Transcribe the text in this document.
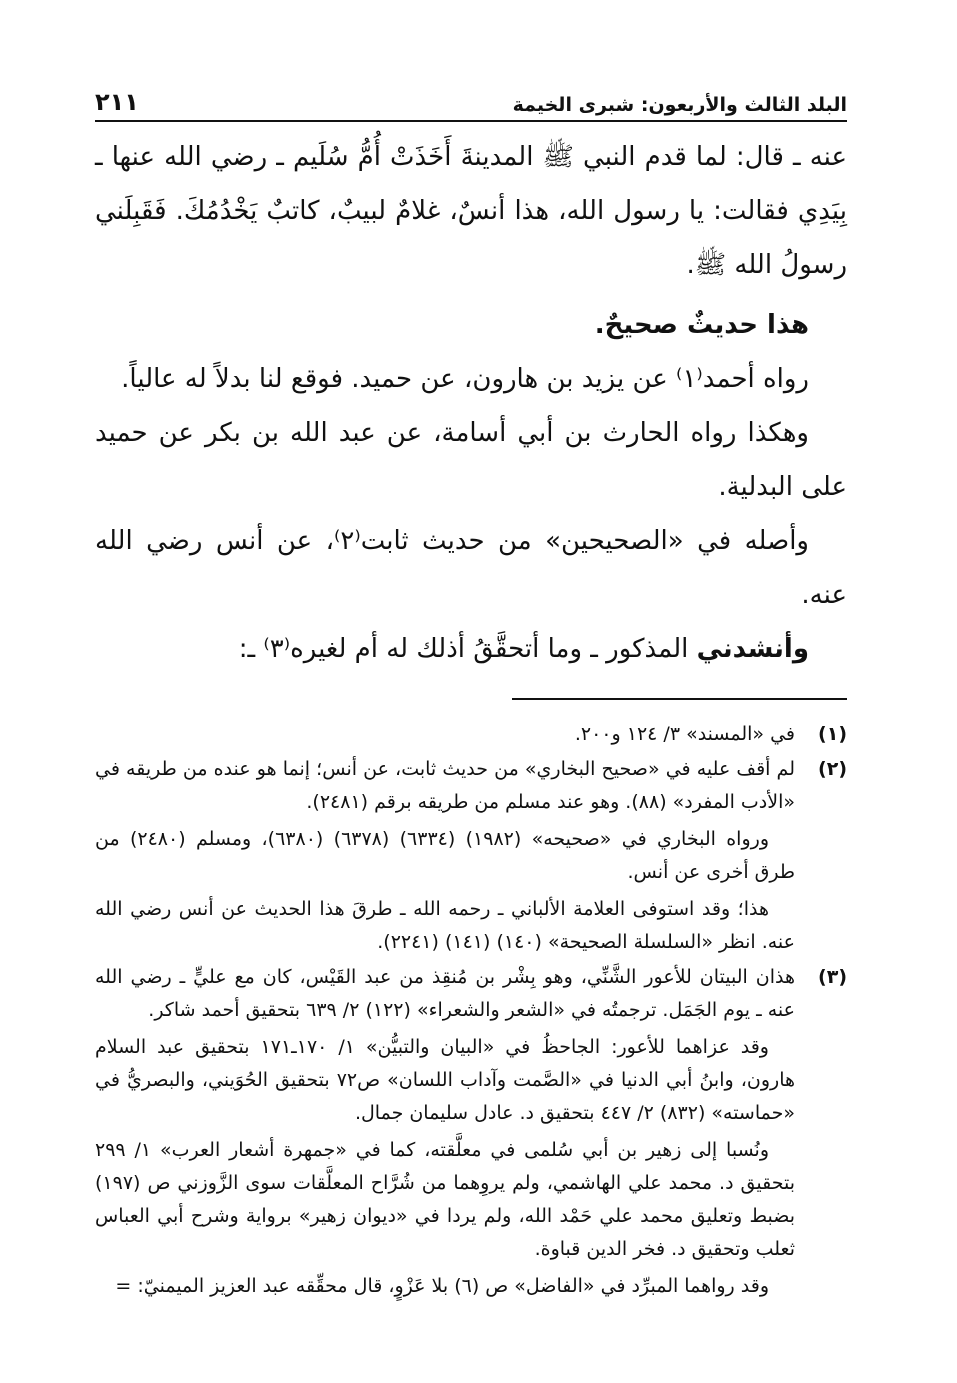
البلد الثالث والأربعون: شبرى الخيمة
٢١١

عنه ـ قال: لما قدم النبي ﷺ المدينةَ أَخَذَتْ أُمُّ سُلَيم ـ رضي الله عنها ـ بِيَدِي فقالت: يا رسول الله، هذا أنسٌ، غلامٌ لبيبٌ، كاتبٌ يَخْدُمُكَ. فَقَبِلَني رسولُ الله ﷺ.

هذا حديثٌ صحيحٌ.

رواه أحمد⁽١⁾ عن يزيد بن هارون، عن حميد. فوقع لنا بدلاً له عالياً.

وهكذا رواه الحارث بن أبي أسامة، عن عبد الله بن بكر عن حميد على البدلية.

وأصله في «الصحيحين» من حديث ثابت⁽٢⁾، عن أنس رضي الله عنه.

وأنشدني المذكور ـ وما أتحقَّقُ أذلك له أم لغيره⁽٣⁾ ـ:

(١)

في «المسند» ٣/ ١٢٤ و٢٠٠.

(٢)

لم أقف عليه في «صحيح البخاري» من حديث ثابت، عن أنس؛ إنما هو عنده من طريقه في «الأدب المفرد» (٨٨). وهو عند مسلم من طريقه برقم (٢٤٨١).

ورواه البخاري في «صحيحه» (١٩٨٢) (٦٣٣٤) (٦٣٧٨) (٦٣٨٠)، ومسلم (٢٤٨٠) من طرق أخرى عن أنس.

هذا؛ وقد استوفى العلامة الألباني ـ رحمه الله ـ طرقَ هذا الحديث عن أنس رضي الله عنه. انظر «السلسلة الصحيحة» (١٤٠) (١٤١) (٢٢٤١).

(٣)

هذان البيتان للأعور الشَّنِّي، وهو بِشْر بن مُنقِذ من عبد القَيْس، كان مع عليٍّ ـ رضي الله عنه ـ يوم الجَمَل. ترجمتُه في «الشعر والشعراء» (١٢٢) ٢/ ٦٣٩ بتحقيق أحمد شاكر.

وقد عزاهما للأعور: الجاحظُ في «البيان والتبيُّن» ١/ ١٧٠ـ١٧١ بتحقيق عبد السلام هارون، وابنُ أبي الدنيا في «الصَّمت وآداب اللسان» ص٧٢ بتحقيق الحُوَيني، والبصريُّ في «حماسته» (٨٣٢) ٢/ ٤٤٧ بتحقيق د. عادل سليمان جمال.

ونُسبا إلى زهير بن أبي سُلمى في معلَّقته، كما في «جمهرة أشعار العرب» ١/ ٢٩٩ بتحقيق د. محمد علي الهاشمي، ولم يروِهما من شُرَّاح المعلَّقات سوى الزَّوزني ص (١٩٧) بضبط وتعليق محمد علي حَمْد الله، ولم يردا في «ديوان زهير» برواية وشرح أبي العباس ثعلب وتحقيق د. فخر الدين قباوة.

وقد رواهما المبرِّد في «الفاضل» ص (٦) بلا عَزْوٍ، قال محقِّقه عبد العزيز الميمنيّ: =
